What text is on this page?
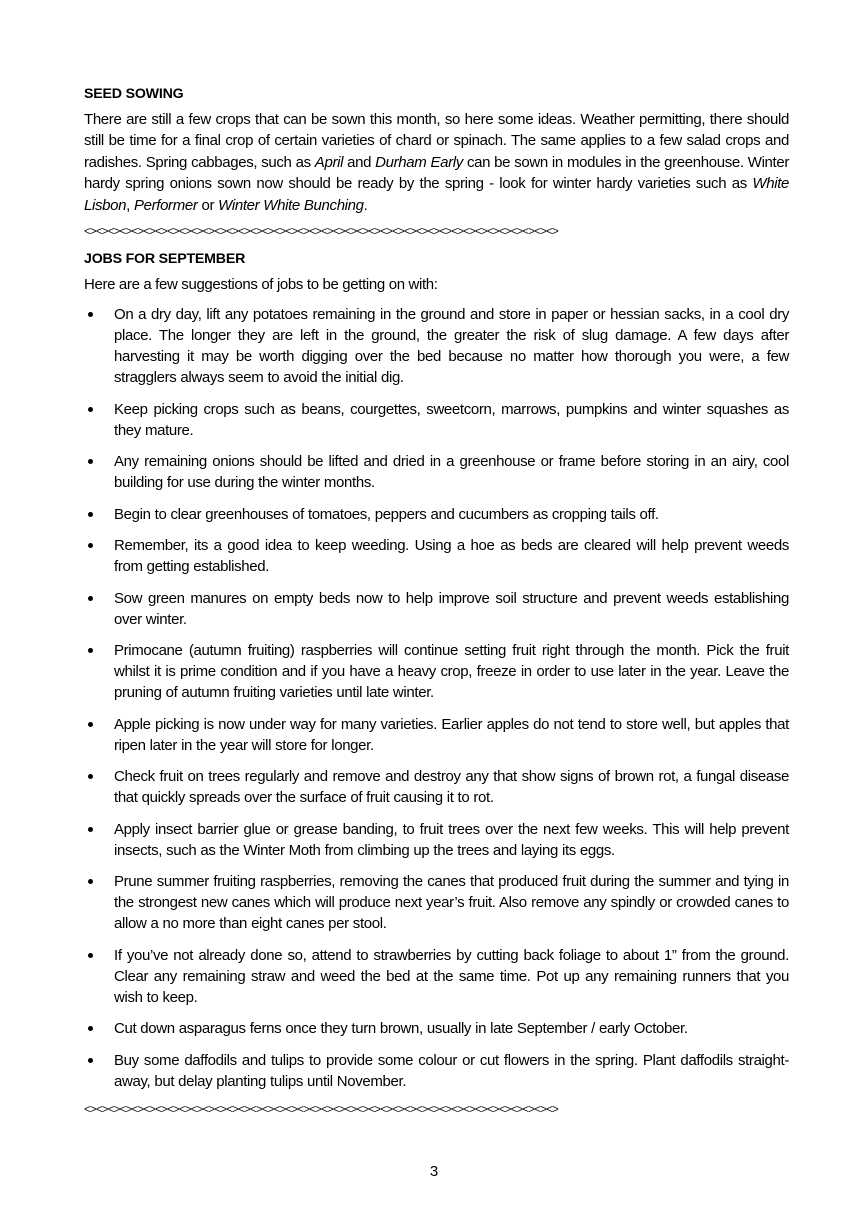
SEED SOWING

There are still a few crops that can be sown this month, so here some ideas. Weather permitting, there should still be time for a final crop of certain varieties of chard or spinach. The same applies to a few salad crops and radishes. Spring cabbages, such as April and Durham Early can be sown in modules in the greenhouse. Winter hardy spring onions sown now should be ready by the spring - look for winter hardy varieties such as White Lisbon, Performer or Winter White Bunching.

<><><><><><><><><><><><><><><><><><><><><><><><><><><><><><><><><><><><><><><><>
JOBS FOR SEPTEMBER

Here are a few suggestions of jobs to be getting on with:

On a dry day, lift any potatoes remaining in the ground and store in paper or hessian sacks, in a cool dry place. The longer they are left in the ground, the greater the risk of slug damage. A few days after harvesting it may be worth digging over the bed because no matter how thorough you were, a few stragglers always seem to avoid the initial dig.
Keep picking crops such as beans, courgettes, sweetcorn, marrows, pumpkins and winter squashes as they mature.
Any remaining onions should be lifted and dried in a greenhouse or frame before storing in an airy, cool building for use during the winter months.
Begin to clear greenhouses of tomatoes, peppers and cucumbers as cropping tails off.
Remember, its a good idea to keep weeding. Using a hoe as beds are cleared will help prevent weeds from getting established.
Sow green manures on empty beds now to help improve soil structure and prevent weeds establishing over winter.
Primocane (autumn fruiting) raspberries will continue setting fruit right through the month. Pick the fruit whilst it is prime condition and if you have a heavy crop, freeze in order to use later in the year. Leave the pruning of autumn fruiting varieties until late winter.
Apple picking is now under way for many varieties. Earlier apples do not tend to store well, but apples that ripen later in the year will store for longer.
Check fruit on trees regularly and remove and destroy any that show signs of brown rot, a fungal disease that quickly spreads over the surface of fruit causing it to rot.
Apply insect barrier glue or grease banding, to fruit trees over the next few weeks. This will help prevent insects, such as the Winter Moth from climbing up the trees and laying its eggs.
Prune summer fruiting raspberries, removing the canes that produced fruit during the summer and tying in the strongest new canes which will produce next year’s fruit. Also remove any spindly or crowded canes to allow a no more than eight canes per stool.
If you’ve not already done so, attend to strawberries by cutting back foliage to about 1” from the ground. Clear any remaining straw and weed the bed at the same time. Pot up any remaining runners that you wish to keep.
Cut down asparagus ferns once they turn brown, usually in late September / early October.
Buy some daffodils and tulips to provide some colour or cut flowers in the spring. Plant daffodils straight-away, but delay planting tulips until November.
<><><><><><><><><><><><><><><><><><><><><><><><><><><><><><><><><><><><><><><><>
3
